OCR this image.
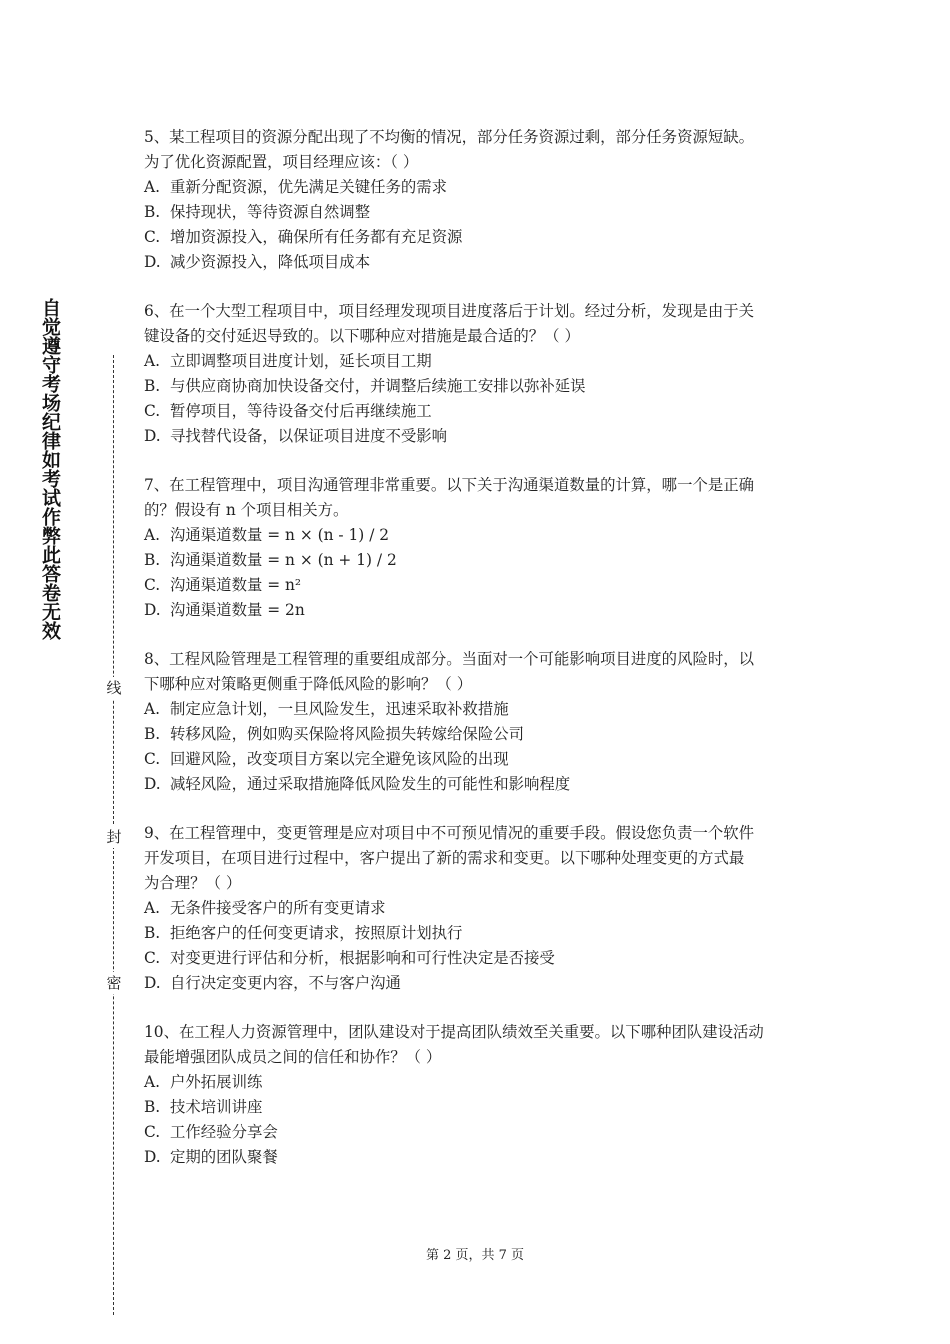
自觉遵守考场纪律如考试作弊此答卷无效
线
封
密
5、某工程项目的资源分配出现了不均衡的情况，部分任务资源过剩，部分任务资源短缺。
为了优化资源配置，项目经理应该：（ ）
A. 重新分配资源，优先满足关键任务的需求
B. 保持现状，等待资源自然调整
C. 增加资源投入，确保所有任务都有充足资源
D. 减少资源投入，降低项目成本
6、在一个大型工程项目中，项目经理发现项目进度落后于计划。经过分析，发现是由于关
键设备的交付延迟导致的。以下哪种应对措施是最合适的？（ ）
A. 立即调整项目进度计划，延长项目工期
B. 与供应商协商加快设备交付，并调整后续施工安排以弥补延误
C. 暂停项目，等待设备交付后再继续施工
D. 寻找替代设备，以保证项目进度不受影响
7、在工程管理中，项目沟通管理非常重要。以下关于沟通渠道数量的计算，哪一个是正确
的？假设有 n 个项目相关方。
A. 沟通渠道数量 = n × (n - 1) / 2
B. 沟通渠道数量 = n × (n + 1) / 2
C. 沟通渠道数量 = n²
D. 沟通渠道数量 = 2n
8、工程风险管理是工程管理的重要组成部分。当面对一个可能影响项目进度的风险时，以
下哪种应对策略更侧重于降低风险的影响？（ ）
A. 制定应急计划，一旦风险发生，迅速采取补救措施
B. 转移风险，例如购买保险将风险损失转嫁给保险公司
C. 回避风险，改变项目方案以完全避免该风险的出现
D. 减轻风险，通过采取措施降低风险发生的可能性和影响程度
9、在工程管理中，变更管理是应对项目中不可预见情况的重要手段。假设您负责一个软件
开发项目，在项目进行过程中，客户提出了新的需求和变更。以下哪种处理变更的方式最
为合理？（ ）
A. 无条件接受客户的所有变更请求
B. 拒绝客户的任何变更请求，按照原计划执行
C. 对变更进行评估和分析，根据影响和可行性决定是否接受
D. 自行决定变更内容，不与客户沟通
10、在工程人力资源管理中，团队建设对于提高团队绩效至关重要。以下哪种团队建设活动
最能增强团队成员之间的信任和协作？（ ）
A. 户外拓展训练
B. 技术培训讲座
C. 工作经验分享会
D. 定期的团队聚餐
第 2 页，共 7 页
